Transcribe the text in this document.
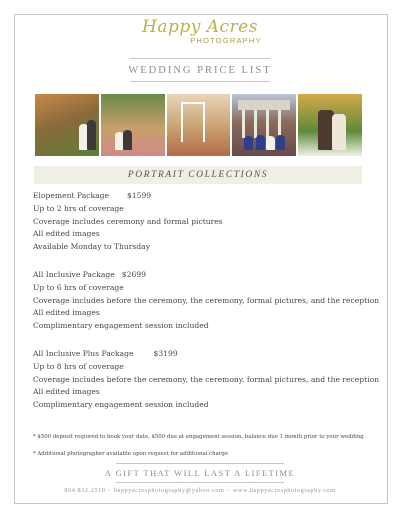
Happy Acres
PHOTOGRAPHY
WEDDING PRICE LIST
PORTRAIT COLLECTIONS
Elopement Package $1599
Up to 2 hrs of coverage
Coverage includes ceremony and formal pictures
All edited images
Available Monday to Thursday
All Inclusive Package $2699
Up to 6 hrs of coverage
Coverage includes before the ceremony, the ceremony, formal pictures, and the reception
All edited images
Complimentary engagement session included
All Inclusive Plus Package	$3199
Up to 8 hrs of coverage
Coverage includes before the ceremony, the ceremony, formal pictures, and the reception
All edited images
Complimentary engagement session included
* $500 deposit required to book your date, $500 due at engagement session, balance due 1 month prior to your wedding
* Additional photographer available upon request for additional charge
A GIFT THAT WILL LAST A LIFETIME
804.832.2510 ~ happyacresphotography@yahoo.com ~ www.happyacresphotography.com
